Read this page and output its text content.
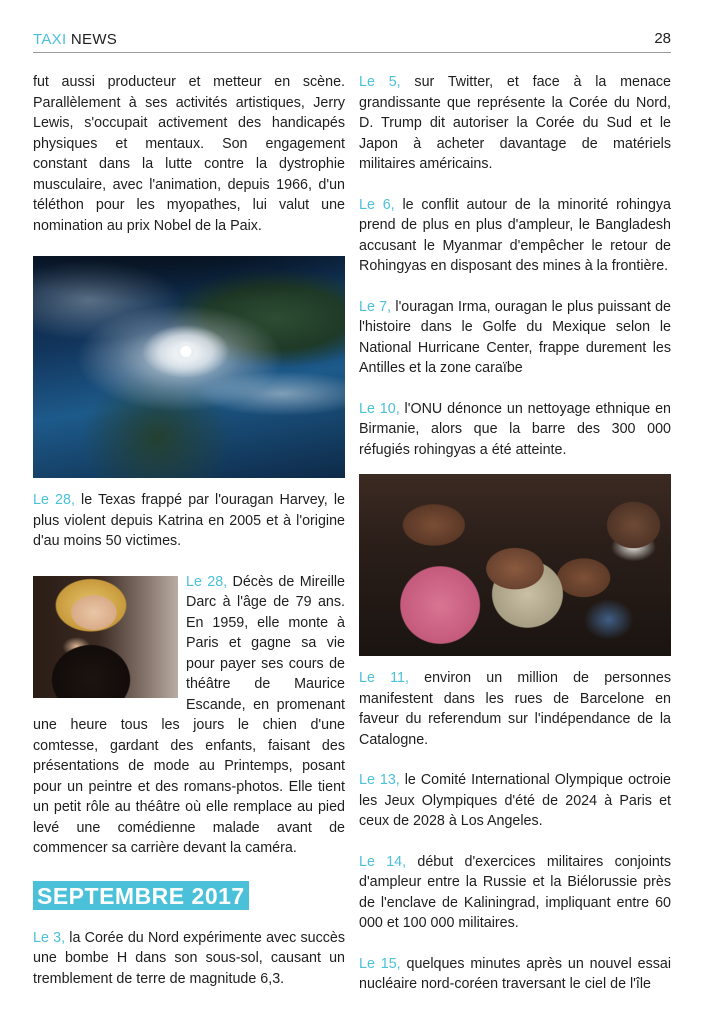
TAXI NEWS	28

fut aussi producteur et metteur en scène. Parallèlement à ses activités artistiques, Jerry Lewis, s'occupait activement des handicapés physiques et mentaux. Son engagement constant dans la lutte contre la dystrophie musculaire, avec l'animation, depuis 1966, d'un téléthon pour les myopathes, lui valut une nomination au prix Nobel de la Paix.

Le 28, le Texas frappé par l'ouragan Harvey, le plus violent depuis Katrina en 2005 et à l'origine d'au moins 50 victimes.

Le 28, Décès de Mireille Darc à l'âge de 79 ans. En 1959, elle monte à Paris et gagne sa vie pour payer ses cours de théâtre de Maurice Escande, en promenant une heure tous les jours le chien d'une comtesse, gardant des enfants, faisant des présentations de mode au Printemps, posant pour un peintre et des romans-photos. Elle tient un petit rôle au théâtre où elle remplace au pied levé une comédienne malade avant de commencer sa carrière devant la caméra.

SEPTEMBRE 2017

Le 3, la Corée du Nord expérimente avec succès une bombe H dans son sous-sol, causant un tremblement de terre de magnitude 6,3.

Le 5, sur Twitter, et face à la menace grandissante que représente la Corée du Nord, D. Trump dit autoriser la Corée du Sud et le Japon à acheter davantage de matériels militaires américains.

Le 6, le conflit autour de la minorité rohingya prend de plus en plus d'ampleur, le Bangladesh accusant le Myanmar d'empêcher le retour de Rohingyas en disposant des mines à la frontière.

Le 7, l'ouragan Irma, ouragan le plus puissant de l'histoire dans le Golfe du Mexique selon le National Hurricane Center, frappe durement les Antilles et la zone caraïbe

Le 10, l'ONU dénonce un nettoyage ethnique en Birmanie, alors que la barre des 300 000 réfugiés rohingyas a été atteinte.

Le 11, environ un million de personnes manifestent dans les rues de Barcelone en faveur du referendum sur l'indépendance de la Catalogne.

Le 13, le Comité International Olympique octroie les Jeux Olympiques d'été de 2024 à Paris et ceux de 2028 à Los Angeles.

Le 14, début d'exercices militaires conjoints d'ampleur entre la Russie et la Biélorussie près de l'enclave de Kaliningrad, impliquant entre 60 000 et 100 000 militaires.

Le 15, quelques minutes après un nouvel essai nucléaire nord-coréen traversant le ciel de l'île
